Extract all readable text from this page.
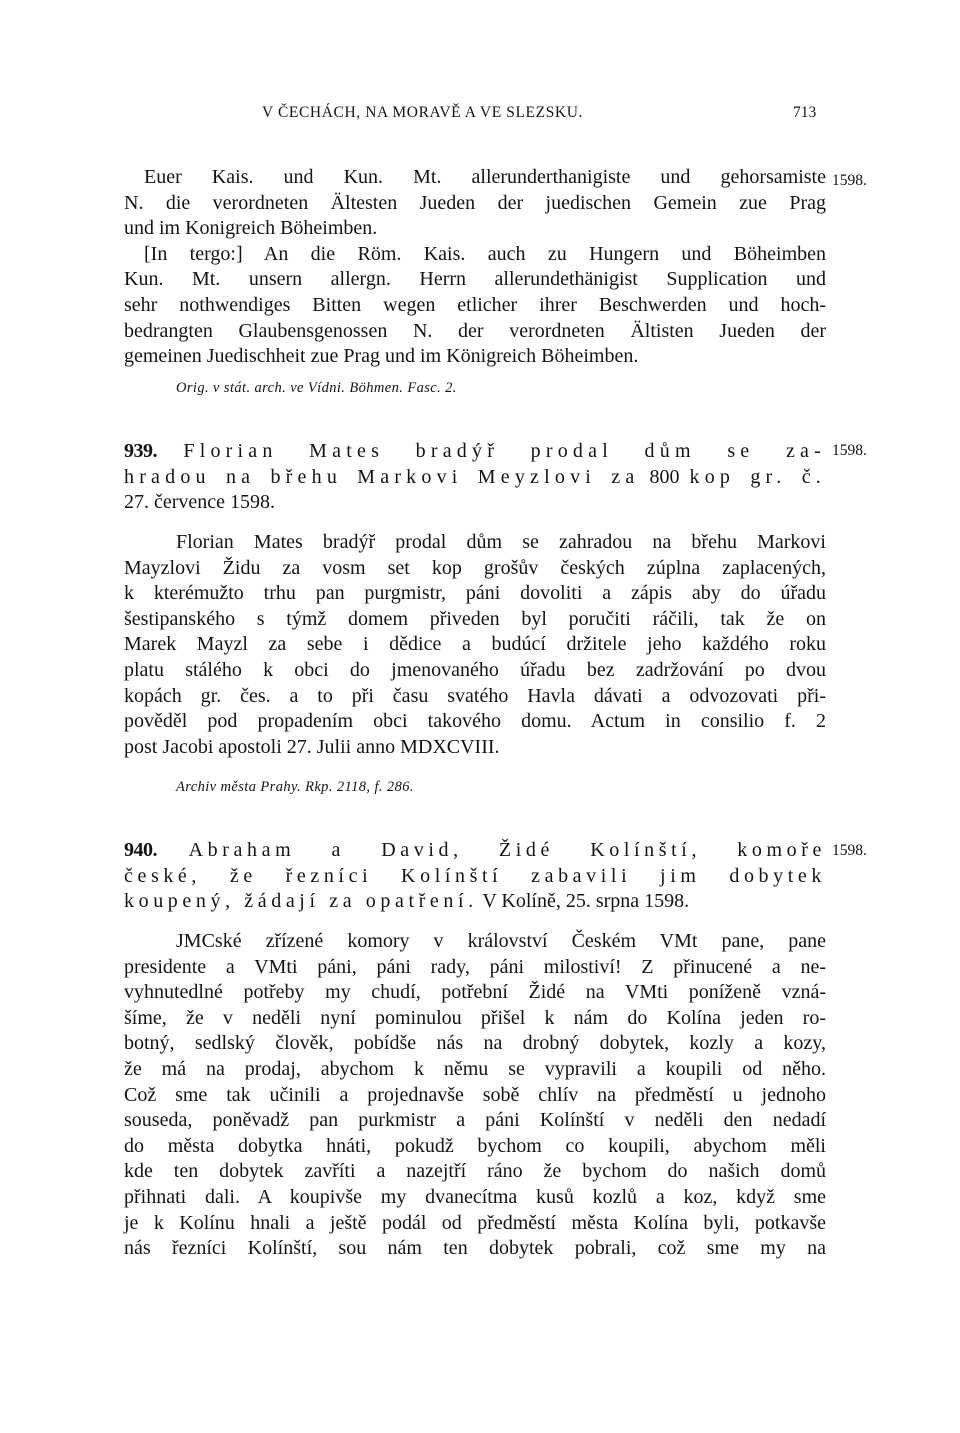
V ČECHÁCH, NA MORAVĚ A VE SLEZSKU.	713
Euer Kais. und Kun. Mt. allerunderthanigiste und gehorsamiste
N. die verordneten Ältesten Jueden der juedischen Gemein zue Prag
und im Konigreich Böheimben.
[In tergo:] An die Röm. Kais. auch zu Hungern und Böheimben
Kun. Mt. unsern allergn. Herrn allerundethänigist Supplication und
sehr nothwendiges Bitten wegen etlicher ihrer Beschwerden und hoch-
bedrangten Glaubensgenossen N. der verordneten Ältisten Jueden der
gemeinen Juedischheit zue Prag und im Königreich Böheimben.
1598.
Orig. v stát. arch. ve Vídni. Böhmen. Fasc. 2.
939. Florian Mates bradýř prodal dům se za-
hradou na břehu Markovi Meyzlovi za 800 kop gr. č.
27. července 1598.
1598.
Florian Mates bradýř prodal dům se zahradou na břehu Markovi
Mayzlovi Židu za vosm set kop grošův českých zúplna zaplacených,
k kterémužto trhu pan purgmistr, páni dovoliti a zápis aby do úřadu
šestipanského s týmž domem přiveden byl poručiti ráčili, tak že on
Marek Mayzl za sebe i dědice a budúcí držitele jeho každého roku
platu stálého k obci do jmenovaného úřadu bez zadržování po dvou
kopách gr. čes. a to při času svatého Havla dávati a odvozovati při-
pověděl pod propadením obci takového domu. Actum in consilio f. 2
post Jacobi apostoli 27. Julii anno MDXCVIII.
Archiv města Prahy. Rkp. 2118, f. 286.
940. Abraham a David, Židé Kolínští, komoře
české, že řezníci Kolínští zabavili jim dobytek
koupený, žádají za opatření. V Kolíně, 25. srpna 1598.
1598.
JMCské zřízené komory v království Českém VMt pane, pane
presidente a VMti páni, páni rady, páni milostiví! Z přinucené a ne-
vyhnutedlné potřeby my chudí, potřební Židé na VMti poníženě vzná-
šíme, že v neděli nyní pominulou přišel k nám do Kolína jeden ro-
botný, sedlský člověk, pobídše nás na drobný dobytek, kozly a kozy,
že má na prodaj, abychom k němu se vypravili a koupili od něho.
Což sme tak učinili a projednavše sobě chlív na předměstí u jednoho
souseda, poněvadž pan purkmistr a páni Kolínští v neděli den nedadí
do města dobytka hnáti, pokudž bychom co koupili, abychom měli
kde ten dobytek zavříti a nazejtří ráno že bychom do našich domů
přihnati dali. A koupivše my dvanecítma kusů kozlů a koz, když sme
je k Kolínu hnali a ještě podál od předměstí města Kolína byli, potkavše
nás řezníci Kolínští, sou nám ten dobytek pobrali, což sme my na
